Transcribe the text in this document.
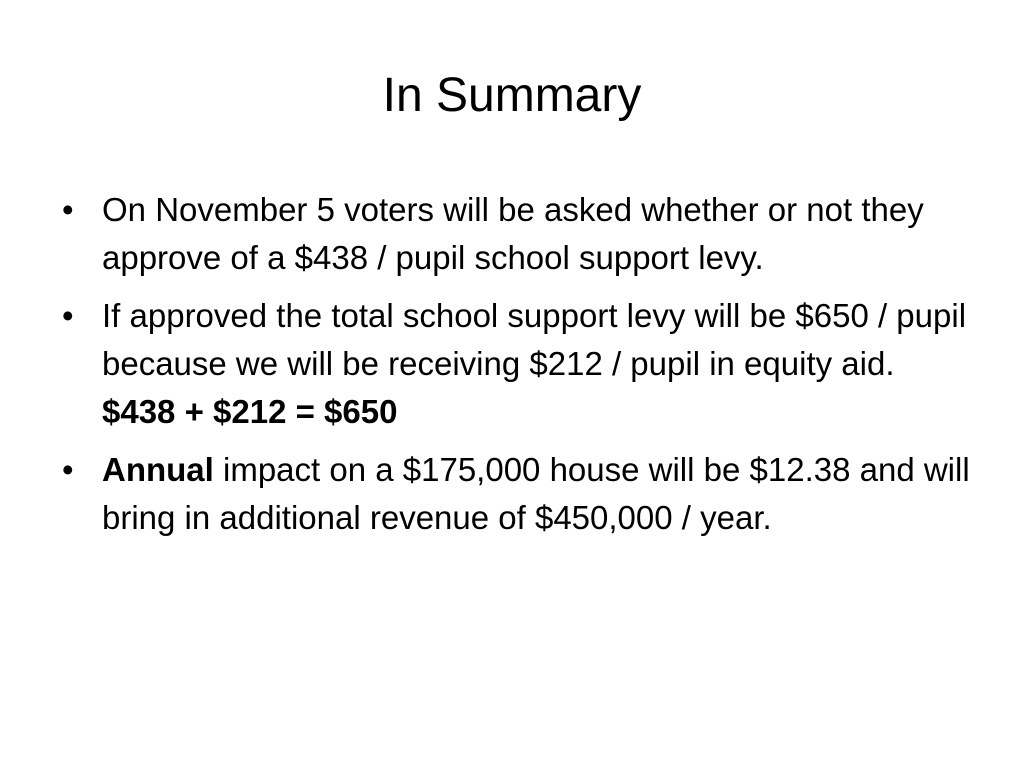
In Summary
• On November 5 voters will be asked whether or not they approve of a $438 / pupil school support levy.
• If approved the total school support levy will be $650 / pupil because we will be receiving $212 / pupil in equity aid.  $438 + $212 = $650
• Annual impact on a $175,000 house will be $12.38 and will bring in additional revenue of $450,000 / year.
